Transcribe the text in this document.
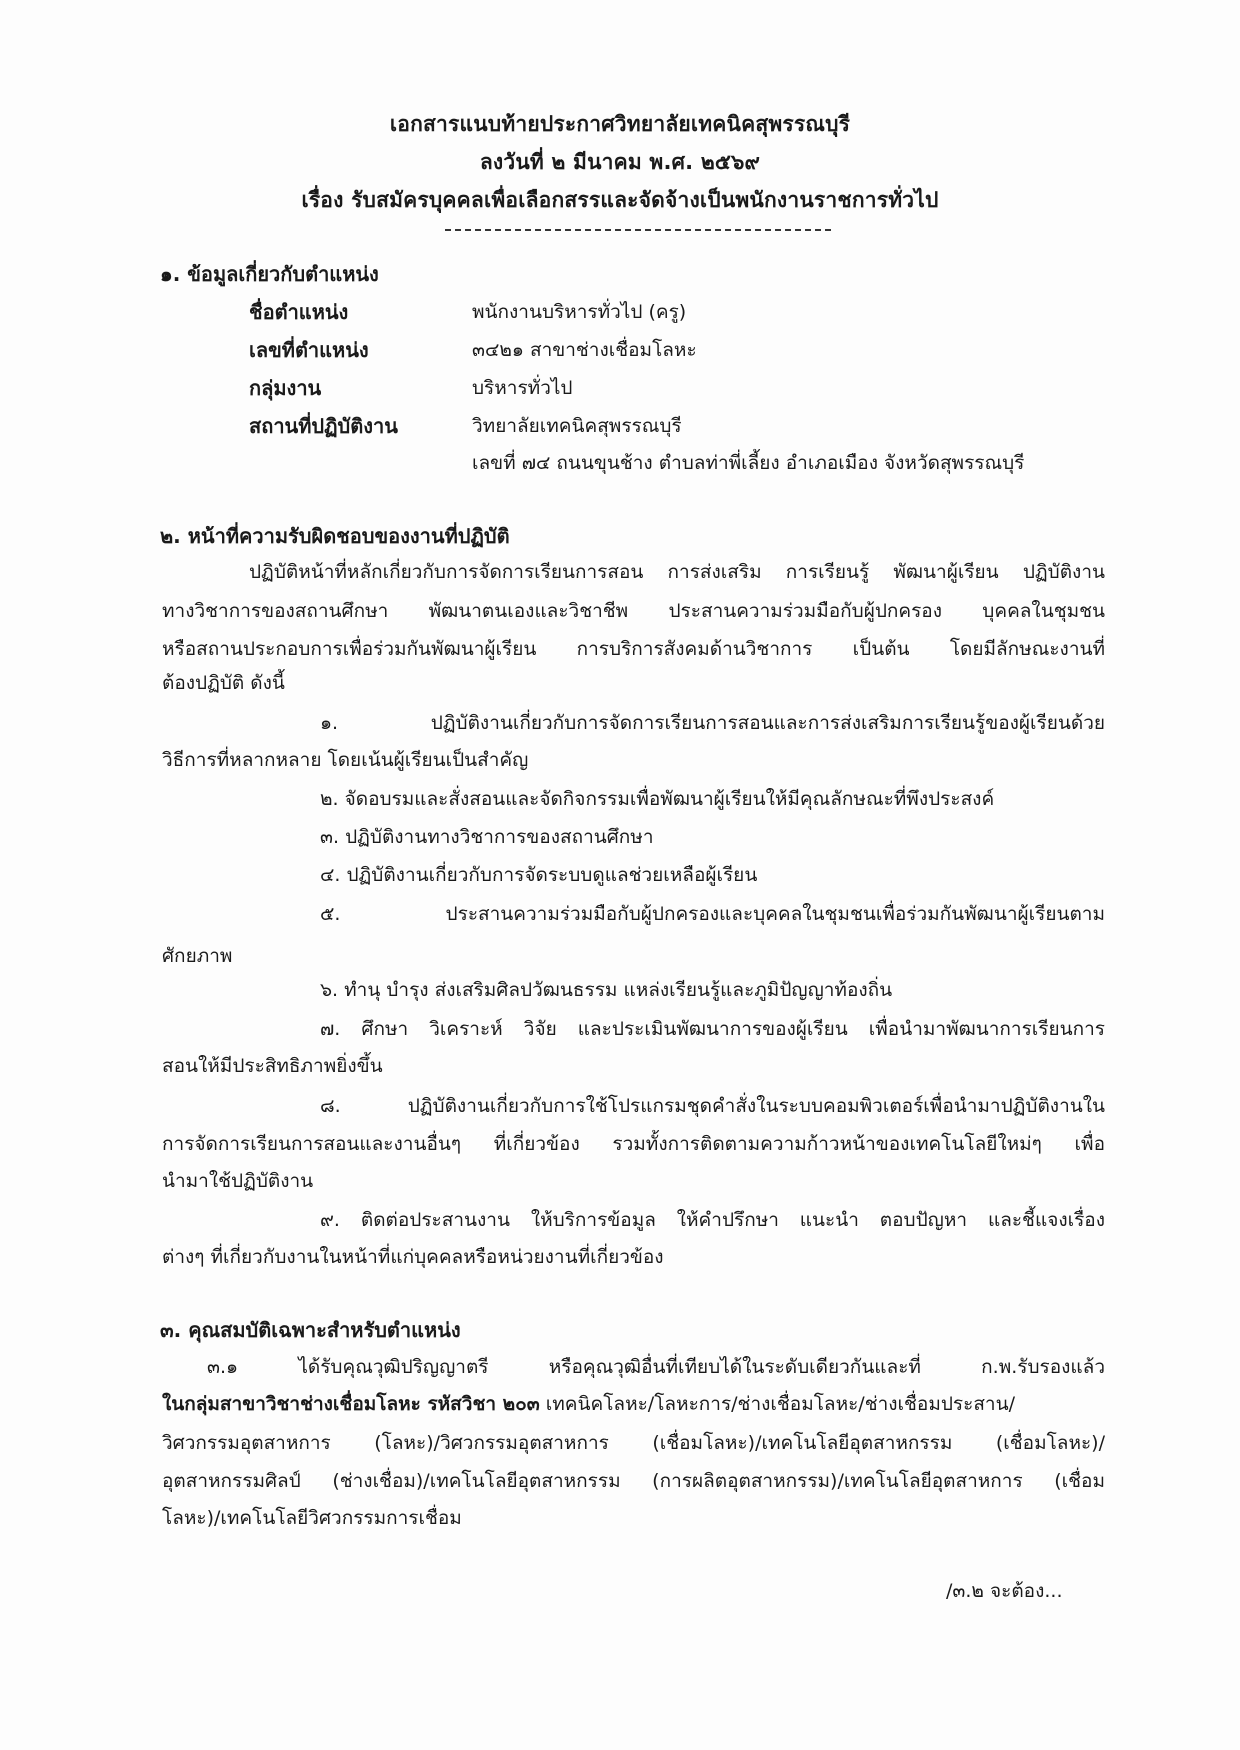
เอกสารแนบท้ายประกาศวิทยาลัยเทคนิคสุพรรณบุรี
ลงวันที่ ๒ มีนาคม พ.ศ. ๒๕๖๙
เรื่อง รับสมัครบุคคลเพื่อเลือกสรรและจัดจ้างเป็นพนักงานราชการทั่วไป
๑. ข้อมูลเกี่ยวกับตำแหน่ง
ชื่อตำแหน่ง	พนักงานบริหารทั่วไป (ครู)
เลขที่ตำแหน่ง	๓๔๒๑ สาขาช่างเชื่อมโลหะ
กลุ่มงาน	บริหารทั่วไป
สถานที่ปฏิบัติงาน	วิทยาลัยเทคนิคสุพรรณบุรี
เลขที่ ๗๔ ถนนขุนช้าง ตำบลท่าพี่เลี้ยง อำเภอเมือง จังหวัดสุพรรณบุรี
๒. หน้าที่ความรับผิดชอบของงานที่ปฏิบัติ
ปฏิบัติหน้าที่หลักเกี่ยวกับการจัดการเรียนการสอน การส่งเสริม การเรียนรู้ พัฒนาผู้เรียน ปฏิบัติงาน
ทางวิชาการของสถานศึกษา พัฒนาตนเองและวิชาชีพ ประสานความร่วมมือกับผู้ปกครอง บุคคลในชุมชน
หรือสถานประกอบการเพื่อร่วมกันพัฒนาผู้เรียน การบริการสังคมด้านวิชาการ เป็นต้น โดยมีลักษณะงานที่
ต้องปฏิบัติ ดังนี้
๑. ปฏิบัติงานเกี่ยวกับการจัดการเรียนการสอนและการส่งเสริมการเรียนรู้ของผู้เรียนด้วย
วิธีการที่หลากหลาย โดยเน้นผู้เรียนเป็นสำคัญ
๒. จัดอบรมและสั่งสอนและจัดกิจกรรมเพื่อพัฒนาผู้เรียนให้มีคุณลักษณะที่พึงประสงค์
๓. ปฏิบัติงานทางวิชาการของสถานศึกษา
๔. ปฏิบัติงานเกี่ยวกับการจัดระบบดูแลช่วยเหลือผู้เรียน
๕. ประสานความร่วมมือกับผู้ปกครองและบุคคลในชุมชนเพื่อร่วมกันพัฒนาผู้เรียนตาม
ศักยภาพ
๖. ทำนุ บำรุง ส่งเสริมศิลปวัฒนธรรม แหล่งเรียนรู้และภูมิปัญญาท้องถิ่น
๗. ศึกษา วิเคราะห์ วิจัย และประเมินพัฒนาการของผู้เรียน เพื่อนำมาพัฒนาการเรียนการ
สอนให้มีประสิทธิภาพยิ่งขึ้น
๘. ปฏิบัติงานเกี่ยวกับการใช้โปรแกรมชุดคำสั่งในระบบคอมพิวเตอร์เพื่อนำมาปฏิบัติงานใน
การจัดการเรียนการสอนและงานอื่นๆ ที่เกี่ยวข้อง รวมทั้งการติดตามความก้าวหน้าของเทคโนโลยีใหม่ๆ เพื่อ
นำมาใช้ปฏิบัติงาน
๙. ติดต่อประสานงาน ให้บริการข้อมูล ให้คำปรึกษา แนะนำ ตอบปัญหา และชี้แจงเรื่อง
ต่างๆ ที่เกี่ยวกับงานในหน้าที่แก่บุคคลหรือหน่วยงานที่เกี่ยวข้อง
๓. คุณสมบัติเฉพาะสำหรับตำแหน่ง
๓.๑ ได้รับคุณวุฒิปริญญาตรี หรือคุณวุฒิอื่นที่เทียบได้ในระดับเดียวกันและที่ ก.พ.รับรองแล้ว
ในกลุ่มสาขาวิชาช่างเชื่อมโลหะ รหัสวิชา ๒๐๓ เทคนิคโลหะ/โลหะการ/ช่างเชื่อมโลหะ/ช่างเชื่อมประสาน/
วิศวกรรมอุตสาหการ (โลหะ)/วิศวกรรมอุตสาหการ (เชื่อมโลหะ)/เทคโนโลยีอุตสาหกรรม (เชื่อมโลหะ)/
อุตสาหกรรมศิลป์ (ช่างเชื่อม)/เทคโนโลยีอุตสาหกรรม (การผลิตอุตสาหกรรม)/เทคโนโลยีอุตสาหการ (เชื่อม
โลหะ)/เทคโนโลยีวิศวกรรมการเชื่อม
/๓.๒ จะต้อง...
